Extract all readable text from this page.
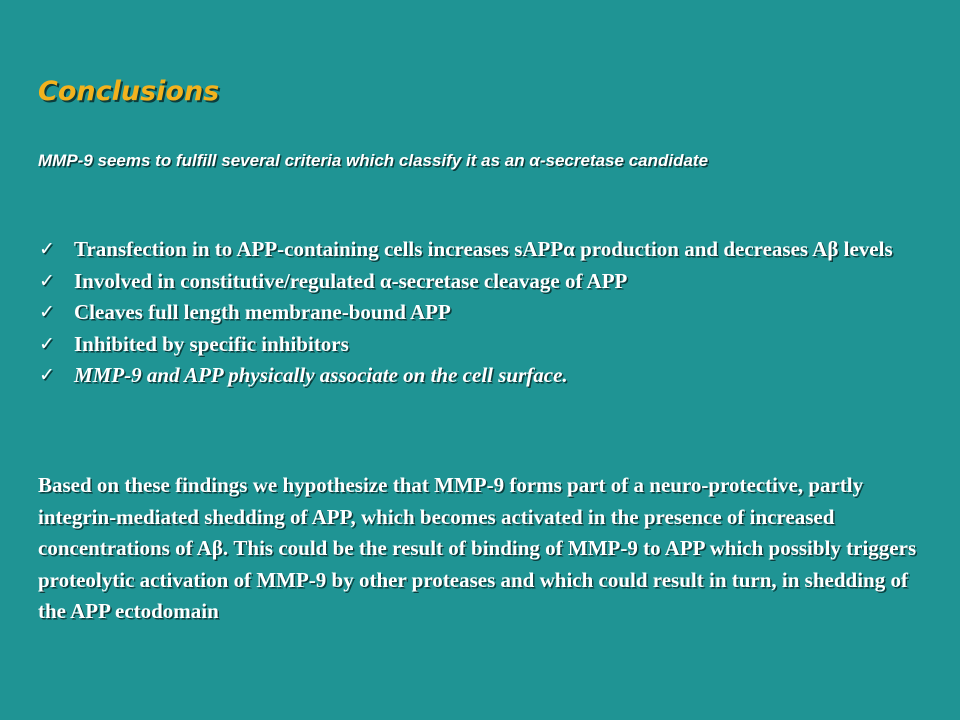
Conclusions

MMP-9 seems to fulfill several criteria which classify it as an α-secretase candidate

✓ Transfection in to APP-containing cells increases sAPPα production and decreases Aβ levels
✓ Involved in constitutive/regulated α-secretase cleavage of APP
✓ Cleaves full length membrane-bound APP
✓ Inhibited by specific inhibitors
✓ MMP-9 and APP physically associate on the cell surface.

Based on these findings we hypothesize that MMP-9 forms part of a neuro-protective, partly integrin-mediated shedding of APP, which becomes activated in the presence of increased concentrations of Aβ. This could be the result of binding of MMP-9 to APP which possibly triggers proteolytic activation of MMP-9 by other proteases and which could result in turn, in shedding of the APP ectodomain
